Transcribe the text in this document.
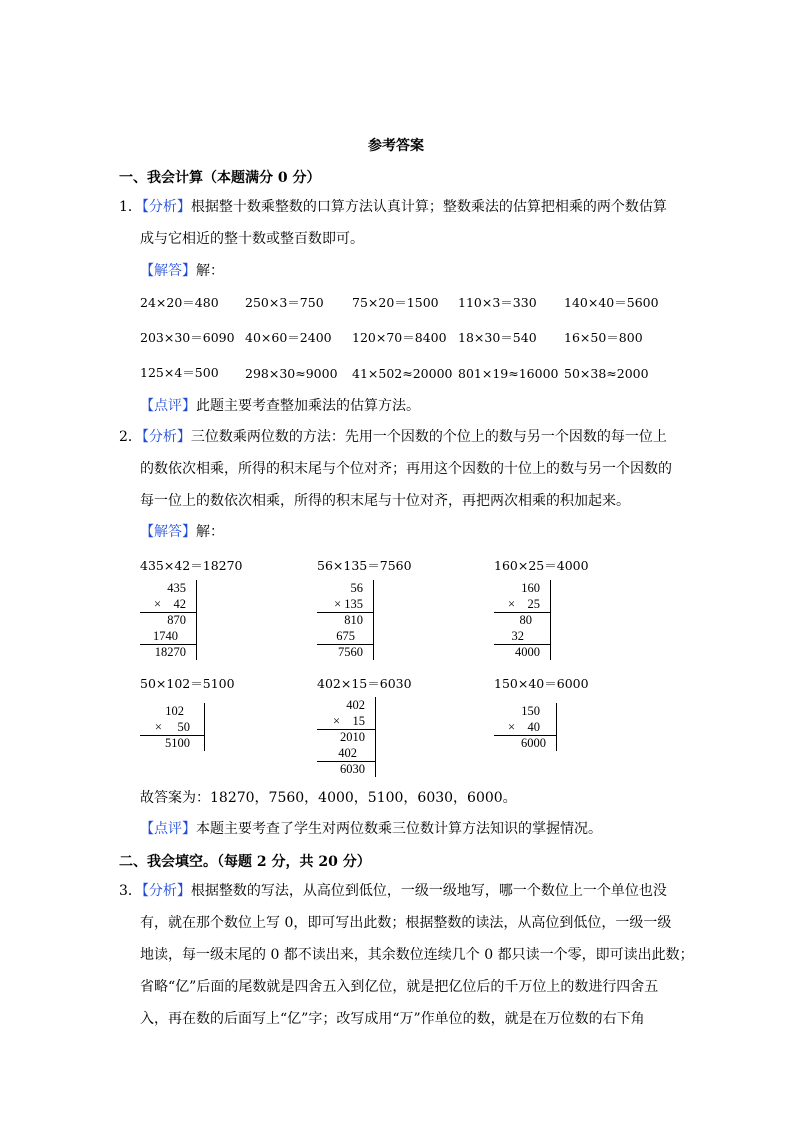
参考答案
一、我会计算（本题满分 0 分）
1．【分析】根据整十数乘整数的口算方法认真计算；整数乘法的估算把相乘的两个数估算
成与它相近的整十数或整百数即可。
【解答】解：
24×20＝480 250×3＝750 75×20＝1500 110×3＝330 140×40＝5600
203×30＝6090 40×60＝2400 120×70＝8400 18×30＝540 16×50＝800
125×4＝500 298×30≈9000 41×502≈20000 801×19≈16000 50×38≈2000
【点评】此题主要考查整加乘法的估算方法。
2．【分析】三位数乘两位数的方法：先用一个因数的个位上的数与另一个因数的每一位上
的数依次相乘，所得的积末尾与个位对齐；再用这个因数的十位上的数与另一个因数的
每一位上的数依次相乘，所得的积末尾与十位对齐，再把两次相乘的积加起来。
【解答】解：
435×42＝18270	56×135＝7560	160×25＝4000
435
×　42
870
1740
18270
56
× 135
810
675
7560
160
×　25
80
32
4000
50×102＝5100	402×15＝6030	150×40＝6000
102
×　 50
5100
402
×　15
2010
402
6030
150
×　40
6000
故答案为：18270，7560，4000，5100，6030，6000。
【点评】本题主要考查了学生对两位数乘三位数计算方法知识的掌握情况。
二、我会填空。（每题 2 分，共 20 分）
3．【分析】根据整数的写法，从高位到低位，一级一级地写，哪一个数位上一个单位也没
有，就在那个数位上写 0，即可写出此数；根据整数的读法，从高位到低位，一级一级
地读，每一级末尾的 0 都不读出来，其余数位连续几个 0 都只读一个零，即可读出此数；
省略“亿”后面的尾数就是四舍五入到亿位，就是把亿位后的千万位上的数进行四舍五
入，再在数的后面写上“亿”字；改写成用“万”作单位的数，就是在万位数的右下角
